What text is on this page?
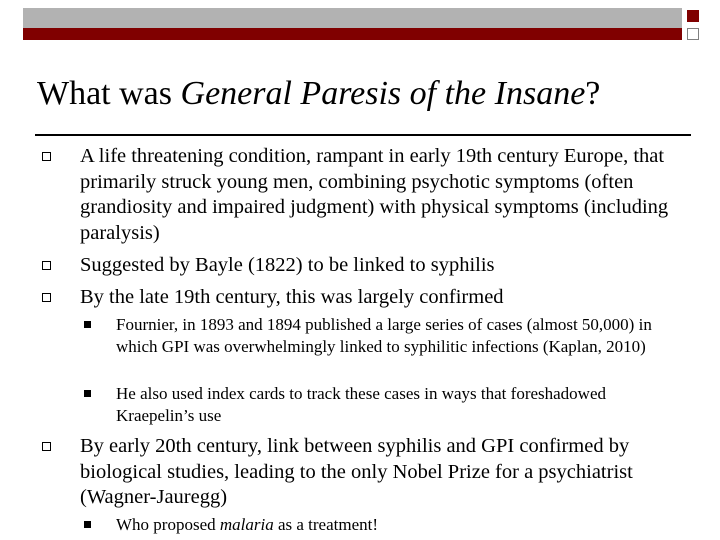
What was General Paresis of the Insane?
A life threatening condition, rampant in early 19th century Europe, that primarily struck young men, combining psychotic symptoms (often grandiosity and impaired judgment) with physical symptoms (including paralysis)
Suggested by Bayle (1822) to be linked to syphilis
By the late 19th century, this was largely confirmed
Fournier, in 1893 and 1894 published a large series of cases (almost 50,000) in which GPI was overwhelmingly linked to syphilitic infections (Kaplan, 2010)
He also used index cards to track these cases in ways that foreshadowed Kraepelin’s use
By early 20th century, link between syphilis and GPI confirmed by biological studies, leading to the only Nobel Prize for a psychiatrist (Wagner-Jauregg)
Who proposed malaria as a treatment!
